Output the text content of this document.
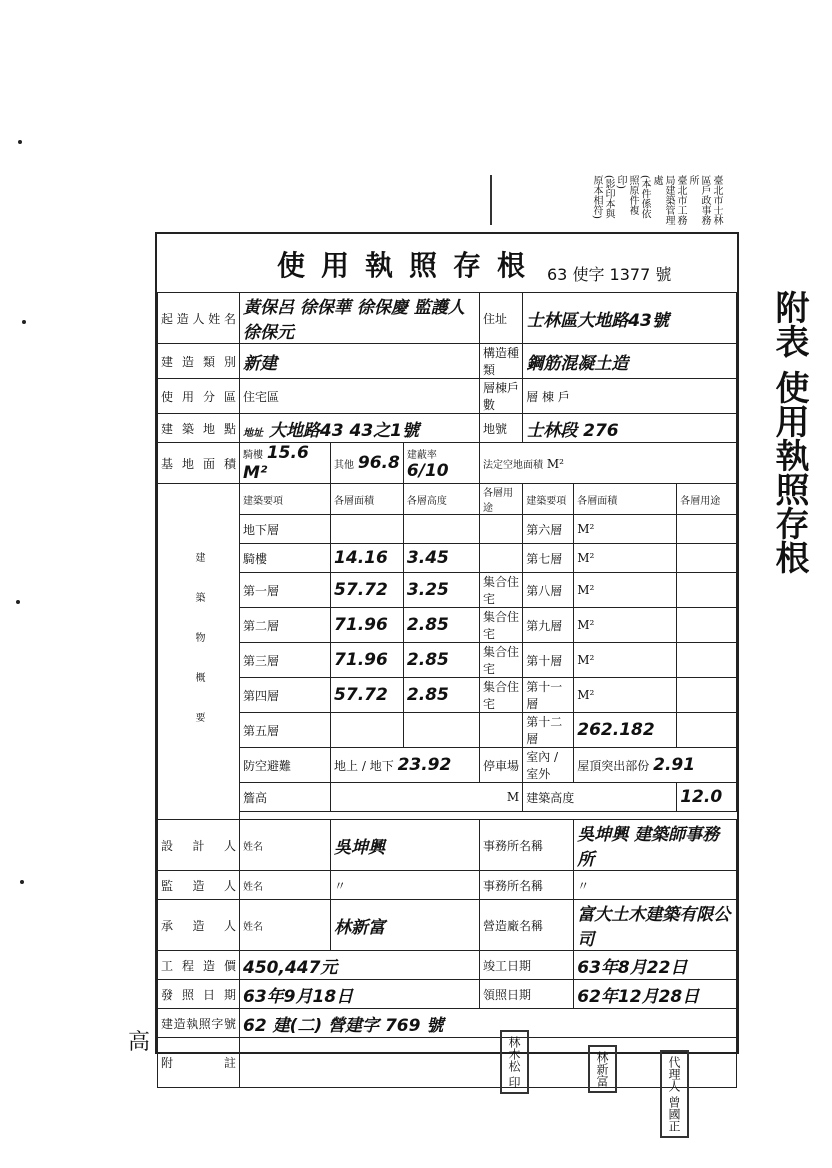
臺北市士林區戶政事務所
臺北市工務局建築管理處
(本件係依照原件複印)
(影印本與原本相符)
使用執照存根 63 使字 1377 號
起造人姓名	黃保呂 徐保華 徐保慶 監護人徐保元			住址	士林區大地路43號		
建造類別	新建			構造種類	鋼筋混凝土造		
使用分區	住宅區			層棟戶數	層 棟 戶		
建築地點	地址 大地路43 43之1號			地號	士林段 276		
基地面積	騎樓 15.6 M²	其他 96.8	建蔽率 6/10	法定空地面積 M²			
建築物概要	建築要項	各層面積	各層高度	各層用途	建築要項	各層面積	各層用途
	地下層				第六層	M²	
	騎樓	14.16	3.45		第七層	M²	
	第一層	57.72	3.25	集合住宅	第八層	M²	
	第二層	71.96	2.85	集合住宅	第九層	M²	
	第三層	71.96	2.85	集合住宅	第十層	M²	
	第四層	57.72	2.85	集合住宅	第十一層	M²	
	第五層				第十二層	262.182	
	防空避難	地上 / 地下 23.92		停車場	室內 / 室外	屋頂突出部份 2.91	
	簷高	M			建築高度		12.0

設計人	姓名	吳坤興		事務所名稱		吳坤興 建築師事務所	
監造人	姓名	〃		事務所名稱		〃	
承造人	姓名	林新富		營造廠名稱		富大土木建築有限公司	
工程造價	450,447元			竣工日期		63年8月22日	
發照日期	63年9月18日			領照日期		62年12月28日	
建造執照字號	62 建(二) 營建字 769 號						
附註							
附表 使用執照存根
林木松 印	林新富	代理人 曾國正
高
